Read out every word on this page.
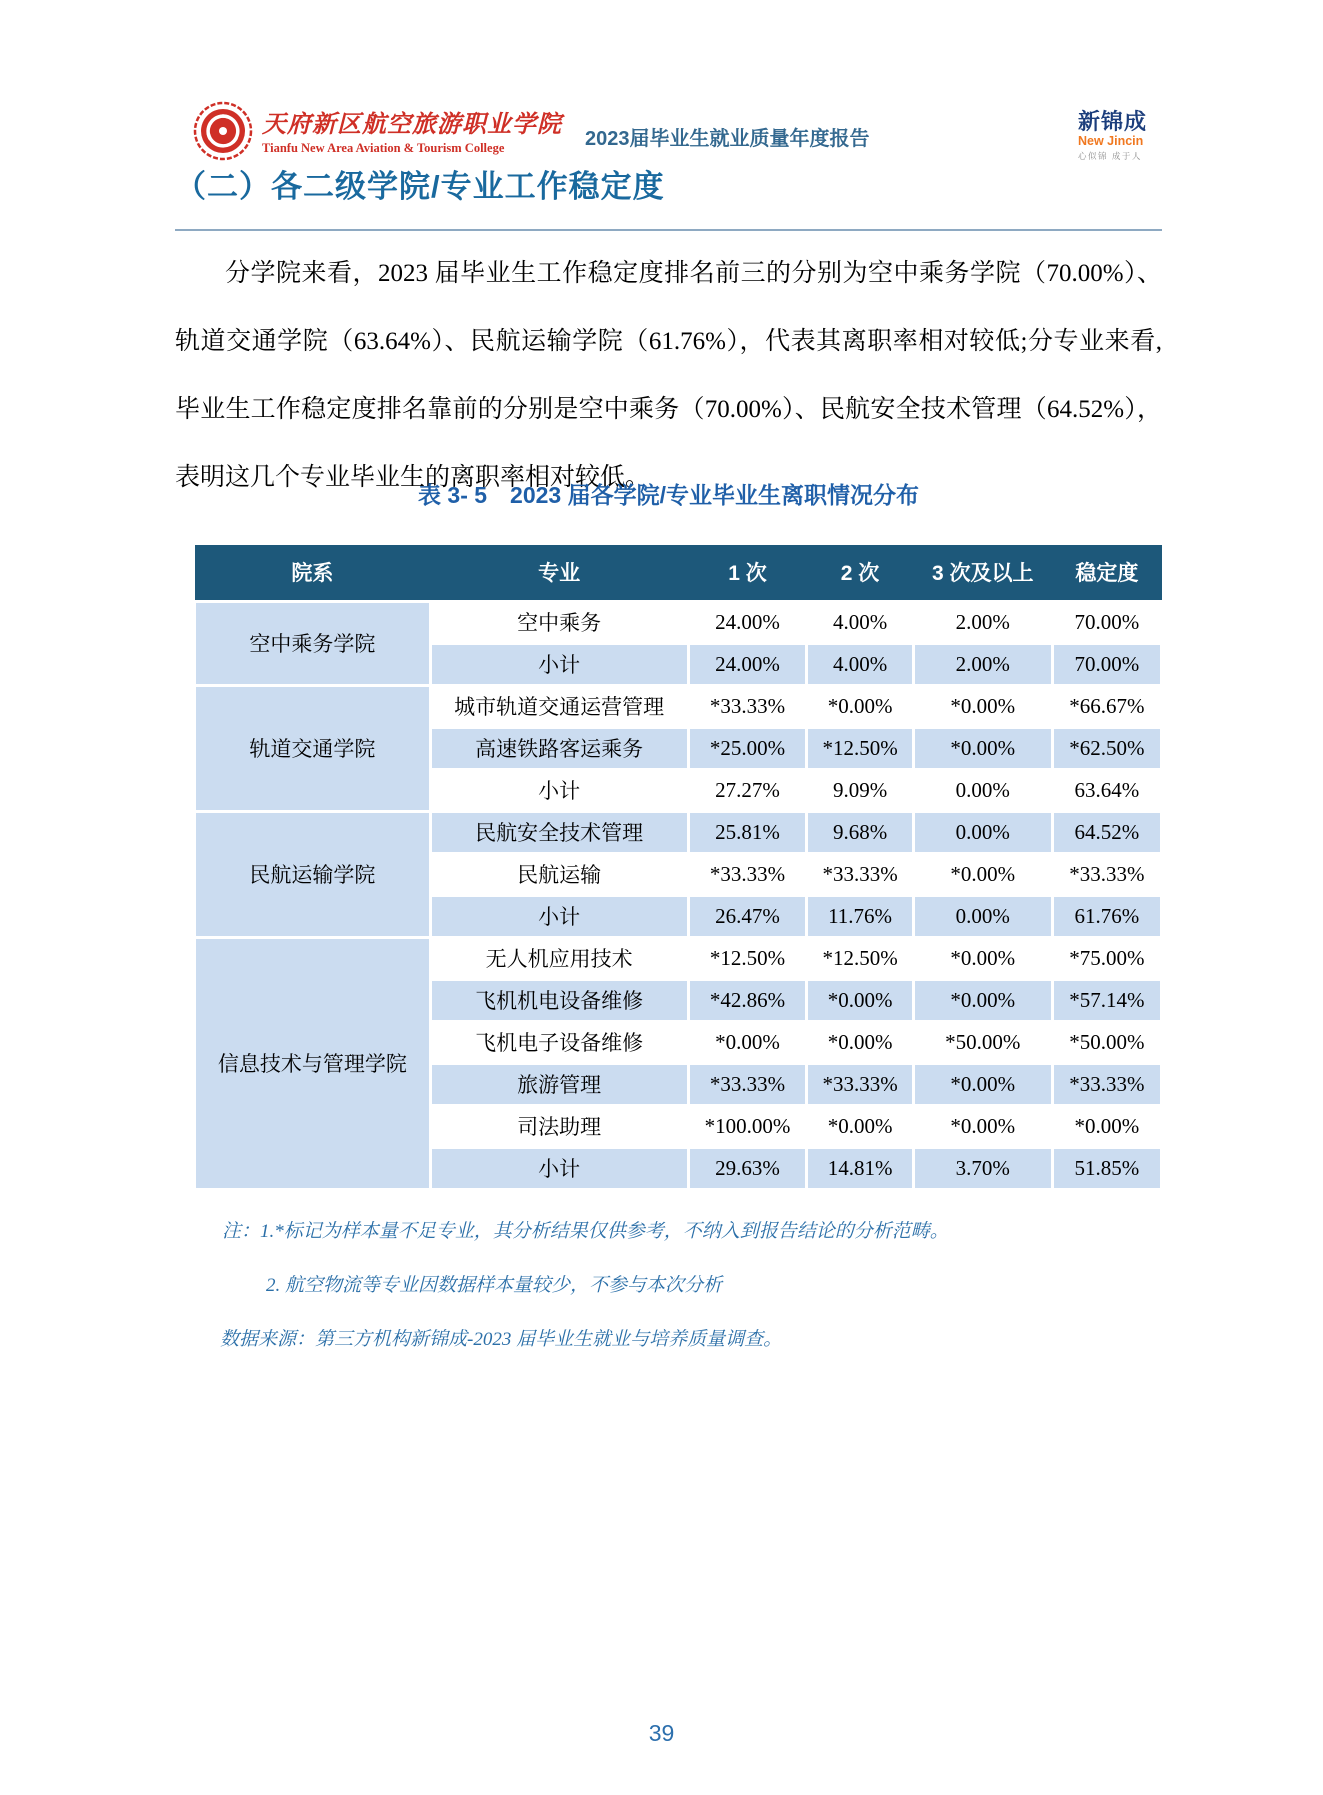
天府新区航空旅游职业学院
Tianfu New Area Aviation & Tourism College	2023届毕业生就业质量年度报告
新锦成
New Jincin
心似锦 成于人
（二）各二级学院/专业工作稳定度
分学院来看，2023 届毕业生工作稳定度排名前三的分别为空中乘务学院（70.00%）、轨道交通学院（63.64%）、民航运输学院（61.76%），代表其离职率相对较低;分专业来看,毕业生工作稳定度排名靠前的分别是空中乘务（70.00%）、民航安全技术管理（64.52%），表明这几个专业毕业生的离职率相对较低。
表 3- 5　2023 届各学院/专业毕业生离职情况分布
院系	专业	1 次	2 次	3 次及以上	稳定度
空中乘务学院	空中乘务	24.00%	4.00%	2.00%	70.00%
	小计	24.00%	4.00%	2.00%	70.00%
轨道交通学院	城市轨道交通运营管理	*33.33%	*0.00%	*0.00%	*66.67%
	高速铁路客运乘务	*25.00%	*12.50%	*0.00%	*62.50%
	小计	27.27%	9.09%	0.00%	63.64%
民航运输学院	民航安全技术管理	25.81%	9.68%	0.00%	64.52%
	民航运输	*33.33%	*33.33%	*0.00%	*33.33%
	小计	26.47%	11.76%	0.00%	61.76%
信息技术与管理学院	无人机应用技术	*12.50%	*12.50%	*0.00%	*75.00%
	飞机机电设备维修	*42.86%	*0.00%	*0.00%	*57.14%
	飞机电子设备维修	*0.00%	*0.00%	*50.00%	*50.00%
	旅游管理	*33.33%	*33.33%	*0.00%	*33.33%
	司法助理	*100.00%	*0.00%	*0.00%	*0.00%
	小计	29.63%	14.81%	3.70%	51.85%
注：1.*标记为样本量不足专业，其分析结果仅供参考，不纳入到报告结论的分析范畴。
2. 航空物流等专业因数据样本量较少，不参与本次分析
数据来源：第三方机构新锦成-2023 届毕业生就业与培养质量调查。
39
